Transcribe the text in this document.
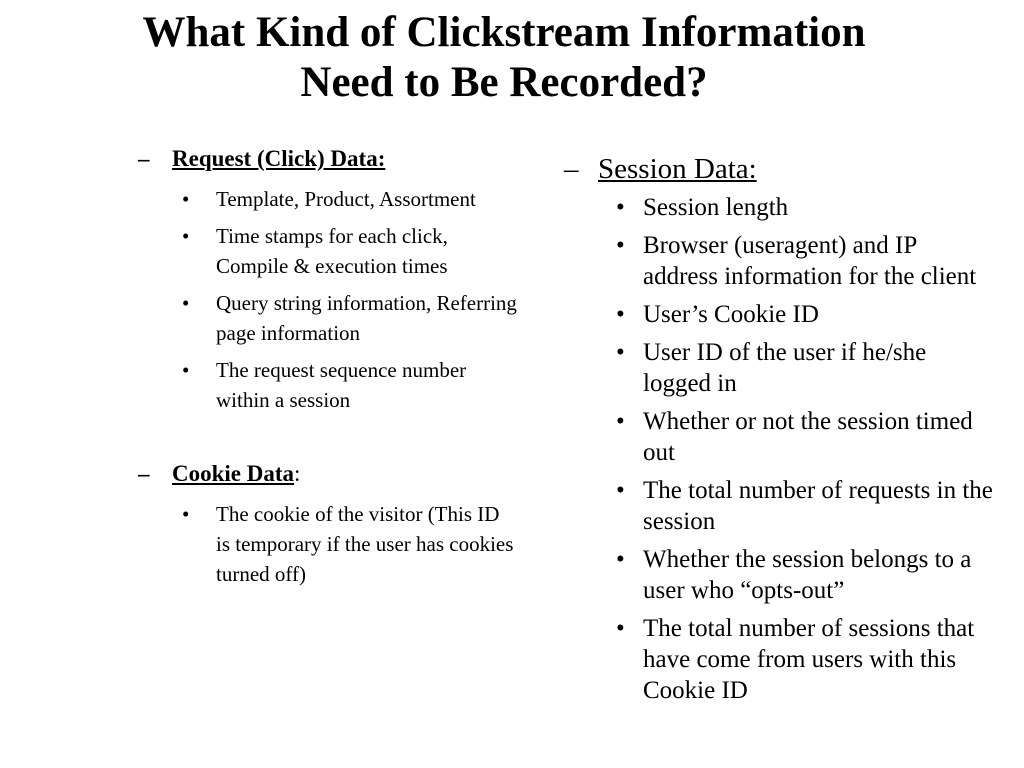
What Kind of Clickstream Information
Need to Be Recorded?
– Request (Click) Data:
• Template, Product, Assortment
• Time stamps for each click, Compile & execution times
• Query string information, Referring page information
• The request sequence number within a session
– Cookie Data:
• The cookie of the visitor (This ID is temporary if the user has cookies turned off)
– Session Data:
• Session length
• Browser (useragent) and IP address information for the client
• User’s Cookie ID
• User ID of the user if he/she logged in
• Whether or not the session timed out
• The total number of requests in the session
• Whether the session belongs to a user who “opts-out”
• The total number of sessions that have come from users with this Cookie ID
